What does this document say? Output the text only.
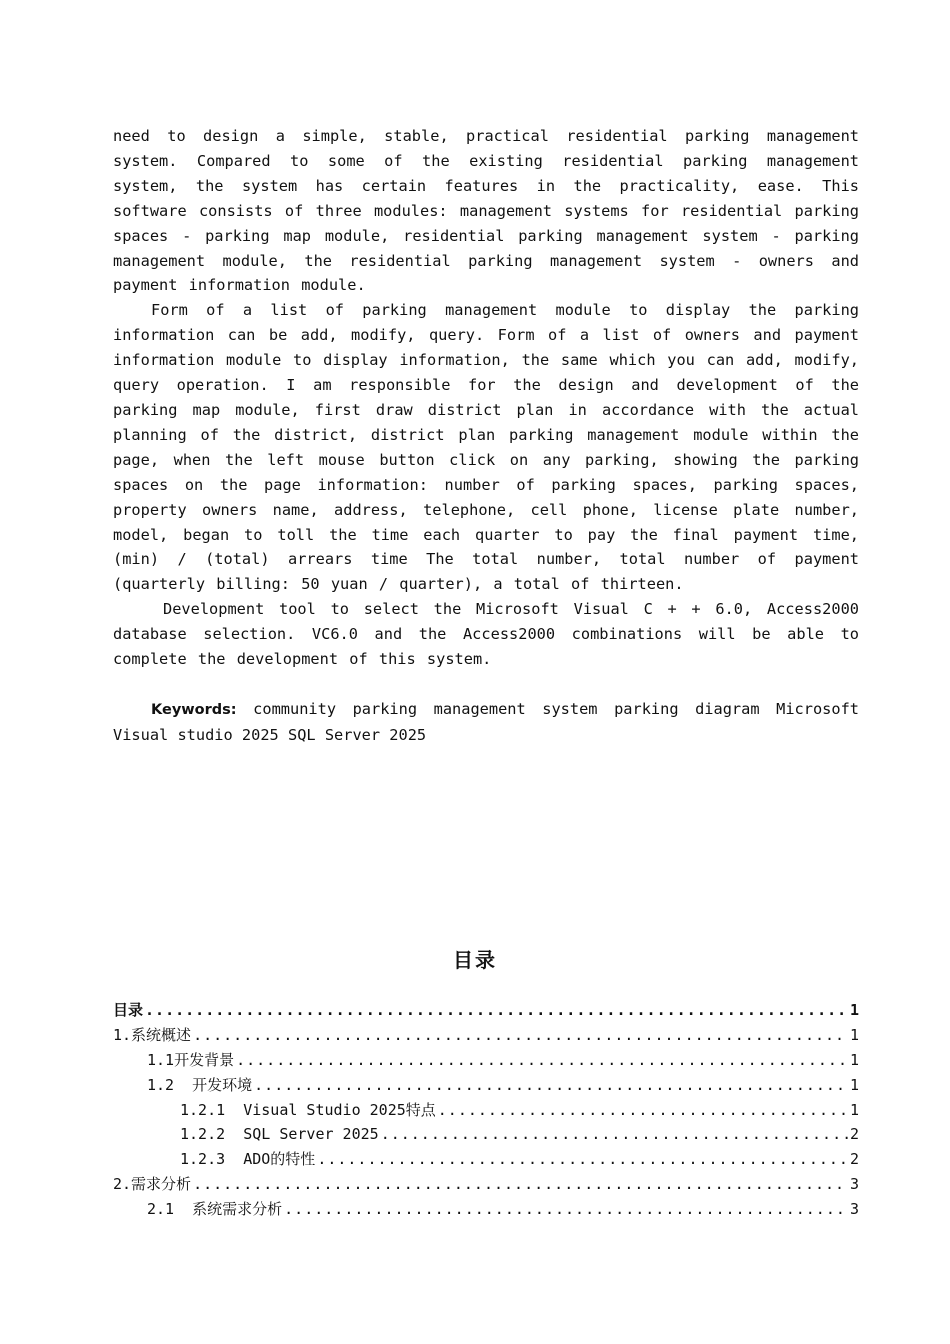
need to design a simple, stable, practical residential parking management system. Compared to some of the existing residential parking management system, the system has certain features in the practicality, ease. This software consists of three modules: management systems for residential parking spaces - parking map module, residential parking management system - parking management module, the residential parking management system - owners and payment information module.

Form of a list of parking management module to display the parking information can be add, modify, query. Form of a list of owners and payment information module to display information, the same which you can add, modify, query operation. I am responsible for the design and development of the parking map module, first draw district plan in accordance with the actual planning of the district, district plan parking management module within the page, when the left mouse button click on any parking, showing the parking spaces on the page information: number of parking spaces, parking spaces, property owners name, address, telephone, cell phone, license plate number, model, began to toll the time each quarter to pay the final payment time, (min) / (total) arrears time The total number, total number of payment (quarterly billing: 50 yuan / quarter), a total of thirteen.

Development tool to select the Microsoft Visual C + + 6.0, Access2000 database selection. VC6.0 and the Access2000 combinations will be able to complete the development of this system.

Keywords: community parking management system parking diagram Microsoft Visual studio 2025 SQL Server 2025

目录
目录 .....	1
1.系统概述 .....	1
1.1开发背景 .....	1
1.2  开发环境 .....	1
1.2.1  Visual Studio 2025特点 .....	1
1.2.2  SQL Server 2025 .....	2
1.2.3  ADO的特性 .....	2
2.需求分析 .....	3
2.1  系统需求分析 .....	3
